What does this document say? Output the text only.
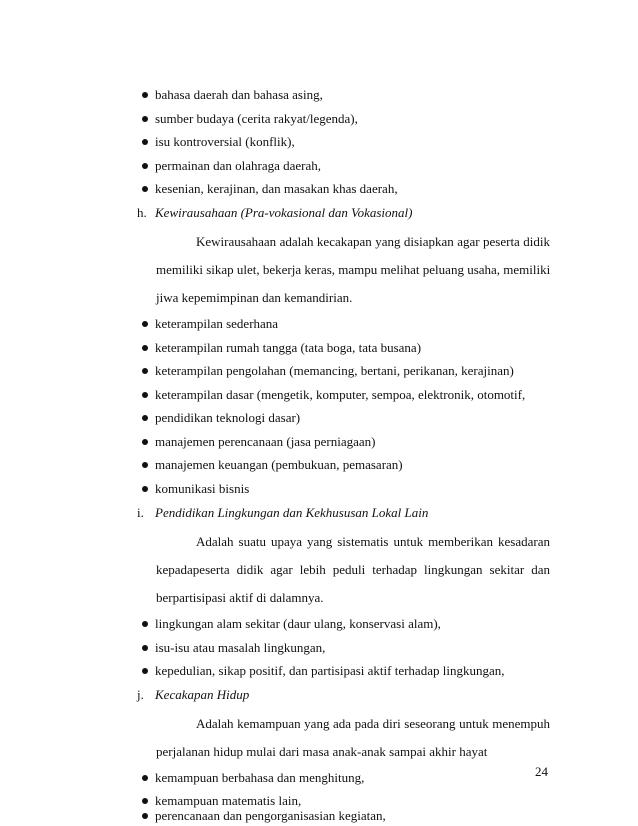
bahasa daerah dan bahasa asing,
sumber budaya (cerita rakyat/legenda),
isu kontroversial (konflik),
permainan dan olahraga daerah,
kesenian, kerajinan, dan masakan khas daerah,
h. Kewirausahaan (Pra-vokasional dan Vokasional)
Kewirausahaan adalah kecakapan yang disiapkan agar peserta didik
memiliki sikap ulet, bekerja keras, mampu melihat peluang usaha, memiliki
jiwa kepemimpinan dan kemandirian.
keterampilan sederhana
keterampilan rumah tangga (tata boga, tata busana)
keterampilan pengolahan (memancing, bertani, perikanan, kerajinan)
keterampilan dasar (mengetik, komputer, sempoa, elektronik, otomotif,
pendidikan teknologi dasar)
manajemen perencanaan (jasa perniagaan)
manajemen keuangan (pembukuan, pemasaran)
komunikasi bisnis
i. Pendidikan Lingkungan dan Kekhususan Lokal Lain
Adalah suatu upaya yang sistematis untuk memberikan kesadaran
kepadapeserta didik agar lebih peduli terhadap lingkungan sekitar dan
berpartisipasi aktif di dalamnya.
lingkungan alam sekitar (daur ulang, konservasi alam),
isu-isu atau masalah lingkungan,
kepedulian, sikap positif, dan partisipasi aktif terhadap lingkungan,
j. Kecakapan Hidup
Adalah kemampuan yang ada pada diri seseorang untuk menempuh
perjalanan hidup mulai dari masa anak-anak sampai akhir hayat
kemampuan berbahasa dan menghitung,
kemampuan matematis lain,
perencanaan dan pengorganisasian kegiatan,
24
